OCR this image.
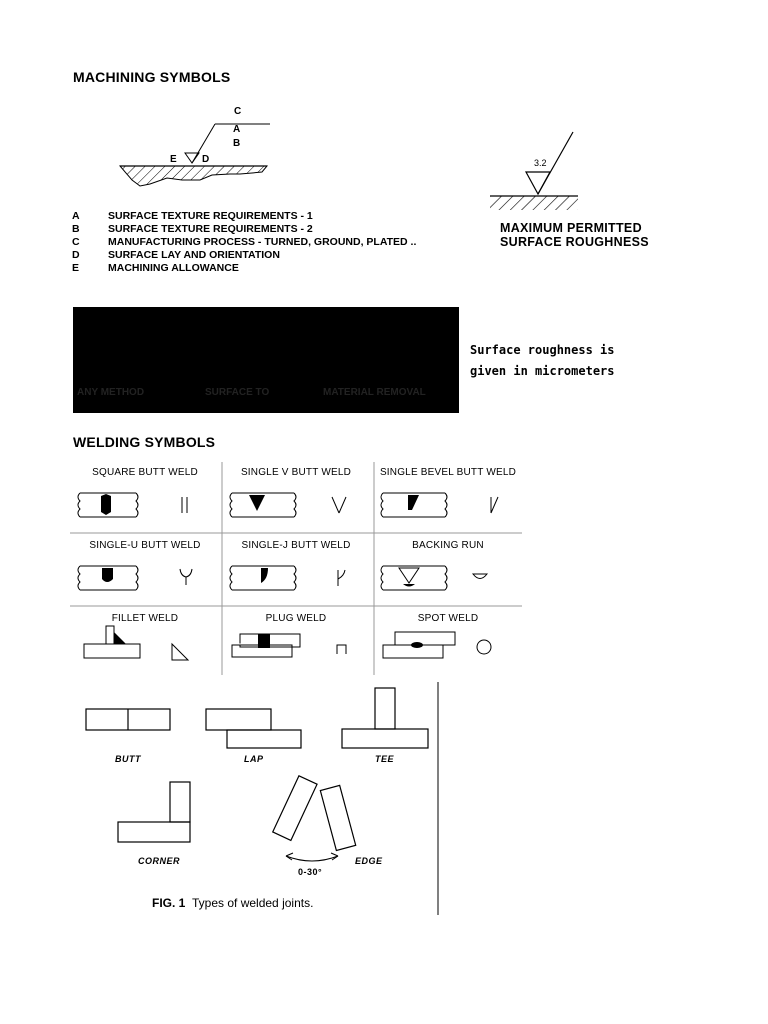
MACHINING SYMBOLS
C
A
B
E	D
A	SURFACE TEXTURE REQUIREMENTS - 1
B	SURFACE TEXTURE REQUIREMENTS - 2
C	MANUFACTURING PROCESS - TURNED, GROUND, PLATED ..
D	SURFACE LAY AND ORIENTATION
E	MACHINING ALLOWANCE
3.2
MAXIMUM PERMITTED
SURFACE ROUGHNESS
ANY METHOD	SURFACE TO	MATERIAL REMOVAL
Surface roughness is
given in micrometers
WELDING SYMBOLS
SQUARE BUTT WELD	SINGLE V BUTT WELD	SINGLE BEVEL BUTT WELD
SINGLE-U BUTT WELD	SINGLE-J BUTT WELD	BACKING RUN
FILLET WELD	PLUG WELD	SPOT WELD
BUTT	LAP	TEE
CORNER	EDGE
0-30°
FIG. 1 Types of welded joints.
